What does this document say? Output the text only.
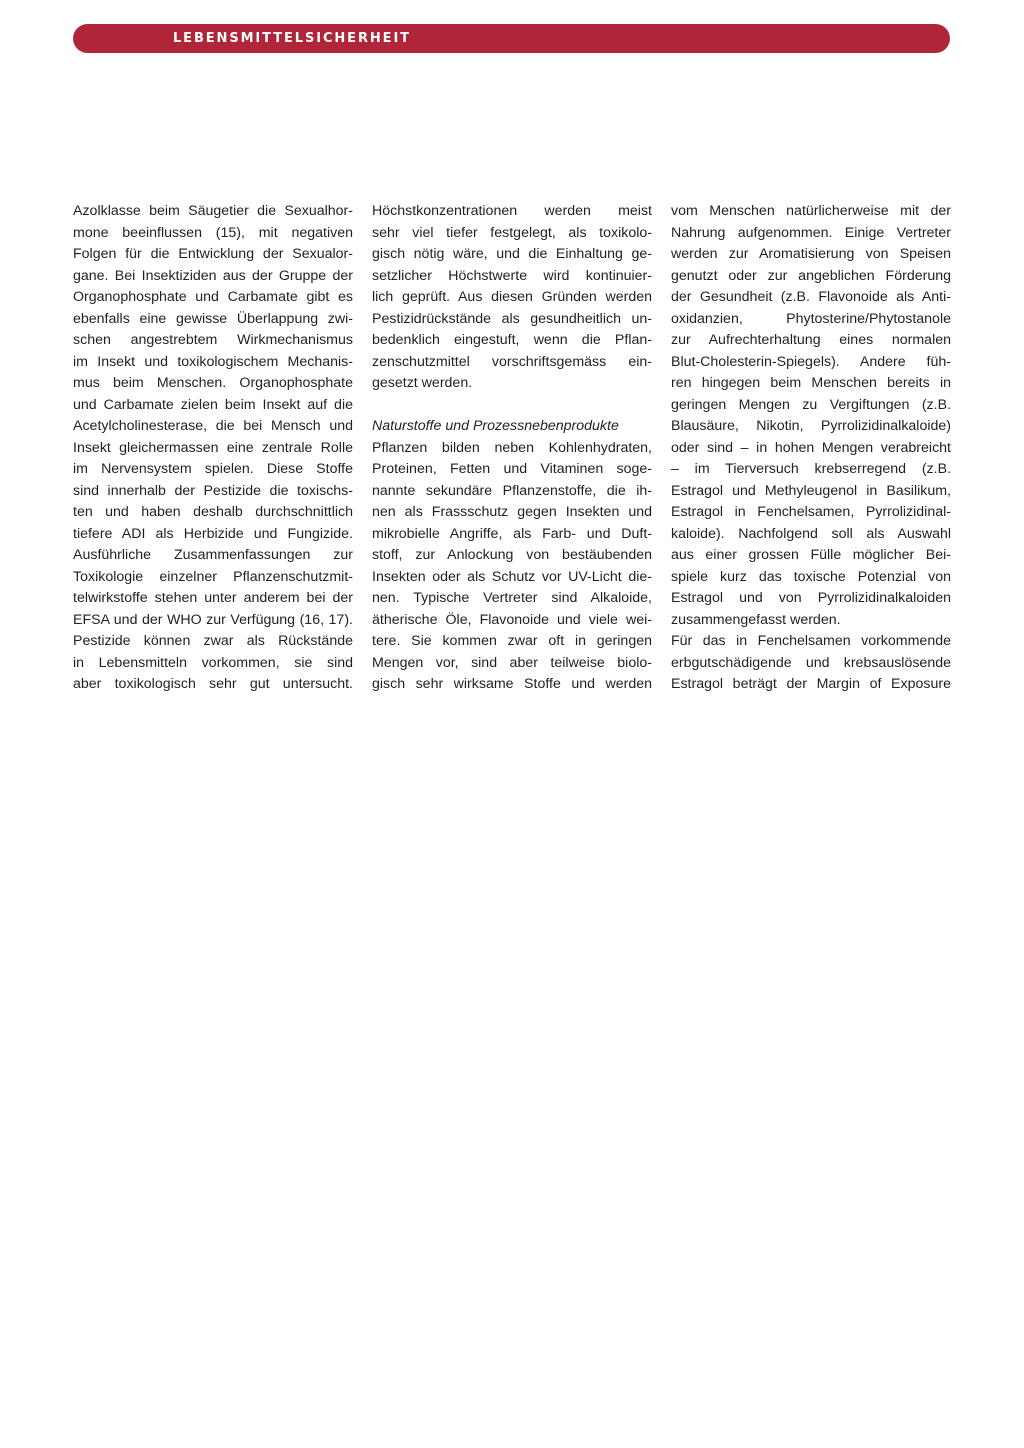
LEBENSMITTELSICHERHEIT
Azolklasse beim Säugetier die Sexualhor-
mone beeinflussen (15), mit negativen
Folgen für die Entwicklung der Sexualor-
gane. Bei Insektiziden aus der Gruppe der
Organophosphate und Carbamate gibt es
ebenfalls eine gewisse Überlappung zwi-
schen angestrebtem Wirkmechanismus
im Insekt und toxikologischem Mechanis-
mus beim Menschen. Organophosphate
und Carbamate zielen beim Insekt auf die
Acetylcholinesterase, die bei Mensch und
Insekt gleichermassen eine zentrale Rolle
im Nervensystem spielen. Diese Stoffe
sind innerhalb der Pestizide die toxischs-
ten und haben deshalb durchschnittlich
tiefere ADI als Herbizide und Fungizide.
Ausführliche Zusammenfassungen zur
Toxikologie einzelner Pflanzenschutzmit-
telwirkstoffe stehen unter anderem bei der
EFSA und der WHO zur Verfügung (16, 17).
Pestizide können zwar als Rückstände
in Lebensmitteln vorkommen, sie sind
aber toxikologisch sehr gut untersucht.
Höchstkonzentrationen werden meist
sehr viel tiefer festgelegt, als toxikolo-
gisch nötig wäre, und die Einhaltung ge-
setzlicher Höchstwerte wird kontinuier-
lich geprüft. Aus diesen Gründen werden
Pestizidrückstände als gesundheitlich un-
bedenklich eingestuft, wenn die Pflan-
zenschutzmittel vorschriftsgemäss ein-
gesetzt werden.
Naturstoffe und Prozessnebenprodukte
Pflanzen bilden neben Kohlenhydraten,
Proteinen, Fetten und Vitaminen soge-
nannte sekundäre Pflanzenstoffe, die ih-
nen als Frassschutz gegen Insekten und
mikrobielle Angriffe, als Farb- und Duft-
stoff, zur Anlockung von bestäubenden
Insekten oder als Schutz vor UV-Licht die-
nen. Typische Vertreter sind Alkaloide,
ätherische Öle, Flavonoide und viele wei-
tere. Sie kommen zwar oft in geringen
Mengen vor, sind aber teilweise biolo-
gisch sehr wirksame Stoffe und werden
vom Menschen natürlicherweise mit der
Nahrung aufgenommen. Einige Vertreter
werden zur Aromatisierung von Speisen
genutzt oder zur angeblichen Förderung
der Gesundheit (z.B. Flavonoide als Anti-
oxidanzien, Phytosterine/Phytostanole
zur Aufrechterhaltung eines normalen
Blut-Cholesterin-Spiegels). Andere füh-
ren hingegen beim Menschen bereits in
geringen Mengen zu Vergiftungen (z.B.
Blausäure, Nikotin, Pyrrolizidinalkaloide)
oder sind – in hohen Mengen verabreicht
– im Tierversuch krebserregend (z.B.
Estragol und Methyleugenol in Basilikum,
Estragol in Fenchelsamen, Pyrrolizidinal-
kaloide). Nachfolgend soll als Auswahl
aus einer grossen Fülle möglicher Bei-
spiele kurz das toxische Potenzial von
Estragol und von Pyrrolizidinalkaloiden
zusammengefasst werden.
Für das in Fenchelsamen vorkommende
erbgutschädigende und krebsauslösende
Estragol beträgt der Margin of Exposure
